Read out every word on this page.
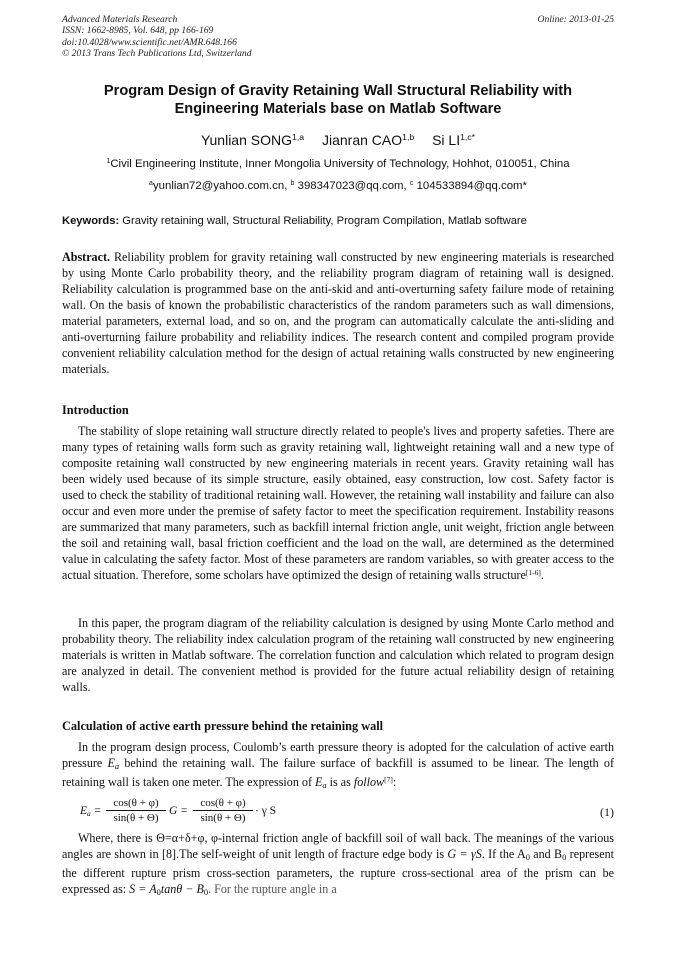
Advanced Materials Research
ISSN: 1662-8985, Vol. 648, pp 166-169
doi:10.4028/www.scientific.net/AMR.648.166
© 2013 Trans Tech Publications Ltd, Switzerland
Online: 2013-01-25
Program Design of Gravity Retaining Wall Structural Reliability with
Engineering Materials base on Matlab Software
Yunlian SONG$^{1,a}$ Jianran CAO$^{1,b}$ Si $LI^{1,c*}$
$^1$Civil Engineering Institute, Inner Mongolia University of Technology, Hohhot, 010051, China
$^a$yunlian72@yahoo.com.cn, $^b$ 398347023@qq.com, $^c$ 104533894@qq.com*
Keywords: Gravity retaining wall, Structural Reliability, Program Compilation, Matlab software
Abstract. Reliability problem for gravity retaining wall constructed by new engineering materials is researched by using Monte Carlo probability theory, and the reliability program diagram of retaining wall is designed. Reliability calculation is programmed base on the anti-skid and anti-overturning safety failure mode of retaining wall. On the basis of known the probabilistic characteristics of the random parameters such as wall dimensions, material parameters, external load, and so on, and the program can automatically calculate the anti-sliding and anti-overturning failure probability and reliability indices. The research content and compiled program provide convenient reliability calculation method for the design of actual retaining walls constructed by new engineering materials.
Introduction
The stability of slope retaining wall structure directly related to people's lives and property safeties. There are many types of retaining walls form such as gravity retaining wall, lightweight retaining wall and a new type of composite retaining wall constructed by new engineering materials in recent years. Gravity retaining wall has been widely used because of its simple structure, easily obtained, easy construction, low cost. Safety factor is used to check the stability of traditional retaining wall. However, the retaining wall instability and failure can also occur and even more under the premise of safety factor to meet the specification requirement. Instability reasons are summarized that many parameters, such as backfill internal friction angle, unit weight, friction angle between the soil and retaining wall, basal friction coefficient and the load on the wall, are determined as the determined value in calculating the safety factor. Most of these parameters are random variables, so with greater access to the actual situation. Therefore, some scholars have optimized the design of retaining walls structure[1-6].
In this paper, the program diagram of the reliability calculation is designed by using Monte Carlo method and probability theory. The reliability index calculation program of the retaining wall constructed by new engineering materials is written in Matlab software. The correlation function and calculation which related to program design are analyzed in detail. The convenient method is provided for the future actual reliability design of retaining walls.
Calculation of active earth pressure behind the retaining wall
In the program design process, Coulomb’s earth pressure theory is adopted for the calculation of active earth pressure $E_a$ behind the retaining wall. The failure surface of backfill is assumed to be linear. The length of retaining wall is taken one meter. The expression of $E_a$ is as follow[7]:
$Ea = \frac{\cos(\theta + \varphi)}{\sin(\theta + \Theta)}$ $G = \frac{\cos(\theta + \varphi)}{\sin(\theta + \Theta)} \cdot \gamma$ S	(1)
Where, there is Θ=α+δ+φ, φ-internal friction angle of backfill soil of wall back. The meanings of the various angles are shown in [8].The self-weight of unit length of fracture edge body is G = γS. If the $A_0$ and $B_0$ represent the different rupture prism cross-section parameters, the rupture cross-sectional area of the prism can be expressed as: $S = A_0\tan\theta - B_0$. For the rupture angle in a
